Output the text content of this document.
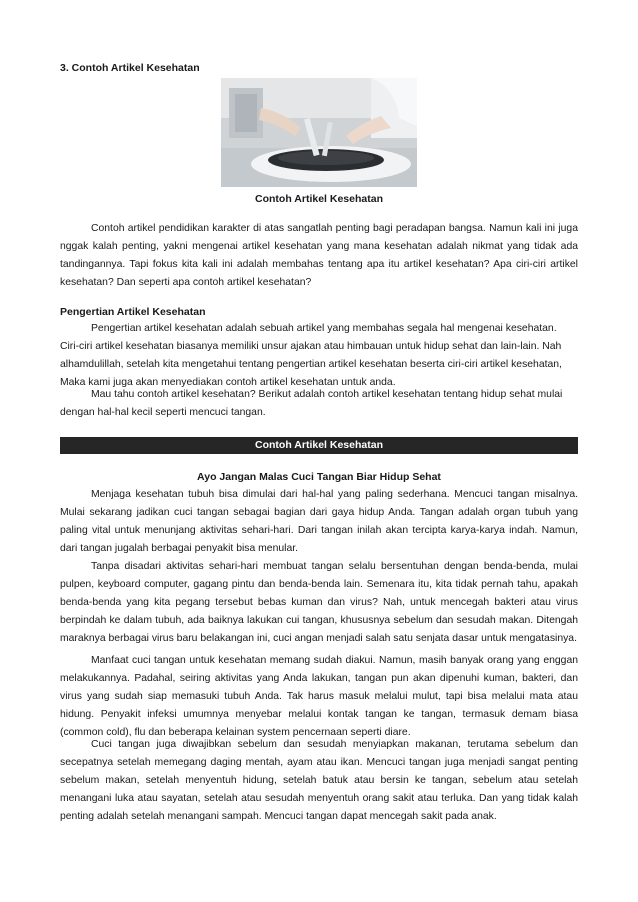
3. Contoh Artikel Kesehatan
Contoh Artikel Kesehatan

Contoh artikel pendidikan karakter di atas sangatlah penting bagi peradapan bangsa. Namun kali ini juga nggak kalah penting, yakni mengenai artikel kesehatan yang mana kesehatan adalah nikmat yang tidak ada tandingannya. Tapi fokus kita kali ini adalah membahas tentang apa itu artikel kesehatan? Apa ciri-ciri artikel kesehatan? Dan seperti apa contoh artikel kesehatan?

Pengertian Artikel Kesehatan

Pengertian artikel kesehatan adalah sebuah artikel yang membahas segala hal mengenai kesehatan. Ciri-ciri artikel kesehatan biasanya memiliki unsur ajakan atau himbauan untuk hidup sehat dan lain-lain. Nah alhamdulillah, setelah kita mengetahui tentang pengertian artikel kesehatan beserta ciri-ciri artikel kesehatan, Maka kami juga akan menyediakan contoh artikel kesehatan untuk anda.

Mau tahu contoh artikel kesehatan? Berikut adalah contoh artikel kesehatan tentang hidup sehat mulai dengan hal-hal kecil seperti mencuci tangan.

Contoh Artikel Kesehatan
Ayo Jangan Malas Cuci Tangan Biar Hidup Sehat

Menjaga kesehatan tubuh bisa dimulai dari hal-hal yang paling sederhana. Mencuci tangan misalnya. Mulai sekarang jadikan cuci tangan sebagai bagian dari gaya hidup Anda. Tangan adalah organ tubuh yang paling vital untuk menunjang aktivitas sehari-hari. Dari tangan inilah akan tercipta karya-karya indah. Namun, dari tangan jugalah berbagai penyakit bisa menular.

Tanpa disadari aktivitas sehari-hari membuat tangan selalu bersentuhan dengan benda-benda, mulai pulpen, keyboard computer, gagang pintu dan benda-benda lain. Semenara itu, kita tidak pernah tahu, apakah benda-benda yang kita pegang tersebut bebas kuman dan virus? Nah, untuk mencegah bakteri atau virus berpindah ke dalam tubuh, ada baiknya lakukan cui tangan, khususnya sebelum dan sesudah makan. Ditengah maraknya berbagai virus baru belakangan ini, cuci angan menjadi salah satu senjata dasar untuk mengatasinya.

Manfaat cuci tangan untuk kesehatan memang sudah diakui. Namun, masih banyak orang yang enggan melakukannya. Padahal, seiring aktivitas yang Anda lakukan, tangan pun akan dipenuhi kuman, bakteri, dan virus yang sudah siap memasuki tubuh Anda. Tak harus masuk melalui mulut, tapi bisa melalui mata atau hidung. Penyakit infeksi umumnya menyebar melalui kontak tangan ke tangan, termasuk demam biasa (common cold), flu dan beberapa kelainan system pencernaan seperti diare.

Cuci tangan juga diwajibkan sebelum dan sesudah menyiapkan makanan, terutama sebelum dan secepatnya setelah memegang daging mentah, ayam atau ikan. Mencuci tangan juga menjadi sangat penting sebelum makan, setelah menyentuh hidung, setelah batuk atau bersin ke tangan, sebelum atau setelah menangani luka atau sayatan, setelah atau sesudah menyentuh orang sakit atau terluka. Dan yang tidak kalah penting adalah setelah menangani sampah. Mencuci tangan dapat mencegah sakit pada anak.
